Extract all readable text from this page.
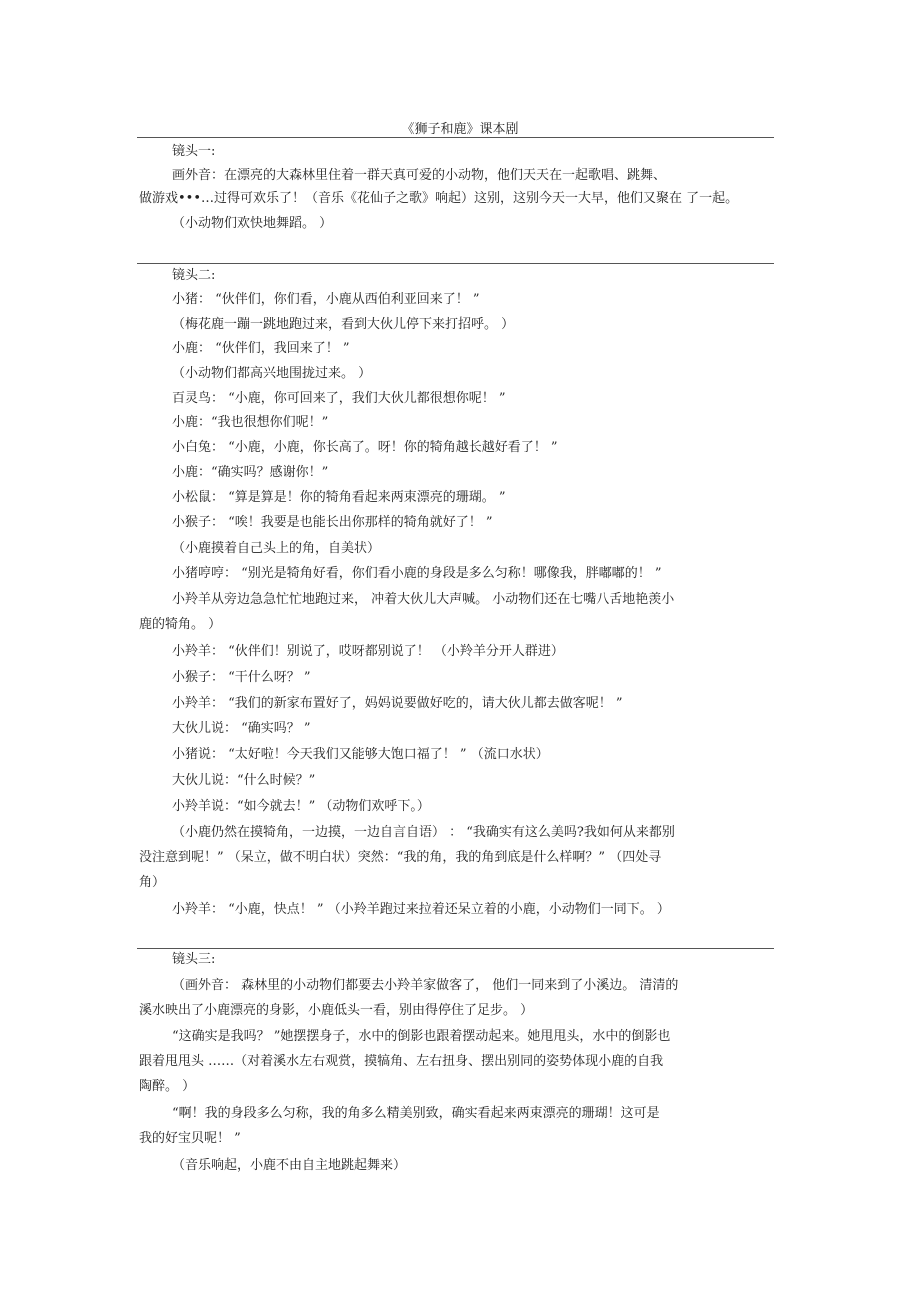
《狮子和鹿》课本剧
镜头一:
画外音：在漂亮的大森林里住着一群天真可爱的小动物，他们天天在一起歌唱、跳舞、
做游戏•••…过得可欢乐了！（音乐《花仙子之歌》响起）这别，这别今天一大早，他们又聚在 了一起。
（小动物们欢快地舞蹈。 ）
镜头二:
小猪： “伙伴们，你们看，小鹿从西伯利亚回来了！ ”
（梅花鹿一蹦一跳地跑过来，看到大伙儿停下来打招呼。 ）
小鹿： “伙伴们，我回来了！ ”
（小动物们都高兴地围拢过来。 ）
百灵鸟： “小鹿，你可回来了，我们大伙儿都很想你呢！ ”
小鹿：“我也很想你们呢！”
小白兔： “小鹿，小鹿，你长高了。呀！你的犄角越长越好看了！ ”
小鹿：“确实吗？感谢你！”
小松鼠： “算是算是！你的犄角看起来两束漂亮的珊瑚。 ”
小猴子： “唉！我要是也能长出你那样的犄角就好了！ ”
（小鹿摸着自己头上的角，自美状）
小猪哼哼： “别光是犄角好看，你们看小鹿的身段是多么匀称！哪像我，胖嘟嘟的！ ”
小羚羊从旁边急急忙忙地跑过来， 冲着大伙儿大声喊。 小动物们还在七嘴八舌地艳羡小
鹿的犄角。 ）
小羚羊： “伙伴们！别说了，哎呀都别说了！ （小羚羊分开人群进）
小猴子： “干什么呀？ ”
小羚羊： “我们的新家布置好了，妈妈说要做好吃的，请大伙儿都去做客呢！ ”
大伙儿说： “确实吗？ ”
小猪说： “太好啦！今天我们又能够大饱口福了！ ” （流口水状）
大伙儿说：“什么时候？”
小羚羊说：“如今就去！” （动物们欢呼下。）
（小鹿仍然在摸犄角，一边摸，一边自言自语） ： “我确实有这么美吗?我如何从来都别
没注意到呢！” （呆立，做不明白状）突然：“我的角，我的角到底是什么样啊？” （四处寻
角）
小羚羊： “小鹿，快点！ ” （小羚羊跑过来拉着还呆立着的小鹿，小动物们一同下。 ）
镜头三:
（画外音： 森林里的小动物们都要去小羚羊家做客了， 他们一同来到了小溪边。 清清的
溪水映出了小鹿漂亮的身影，小鹿低头一看，别由得停住了足步。 ）
“这确实是我吗？ ”她摆摆身子，水中的倒影也跟着摆动起来。她甩甩头，水中的倒影也
跟着甩甩头 ……（对着溪水左右观赏，摸犒角、左右扭身、摆出别同的姿势体现小鹿的自我
陶醉。 ）
“啊！我的身段多么匀称，我的角多么精美别致，确实看起来两束漂亮的珊瑚！这可是
我的好宝贝呢！ ”
（音乐响起，小鹿不由自主地跳起舞来）
